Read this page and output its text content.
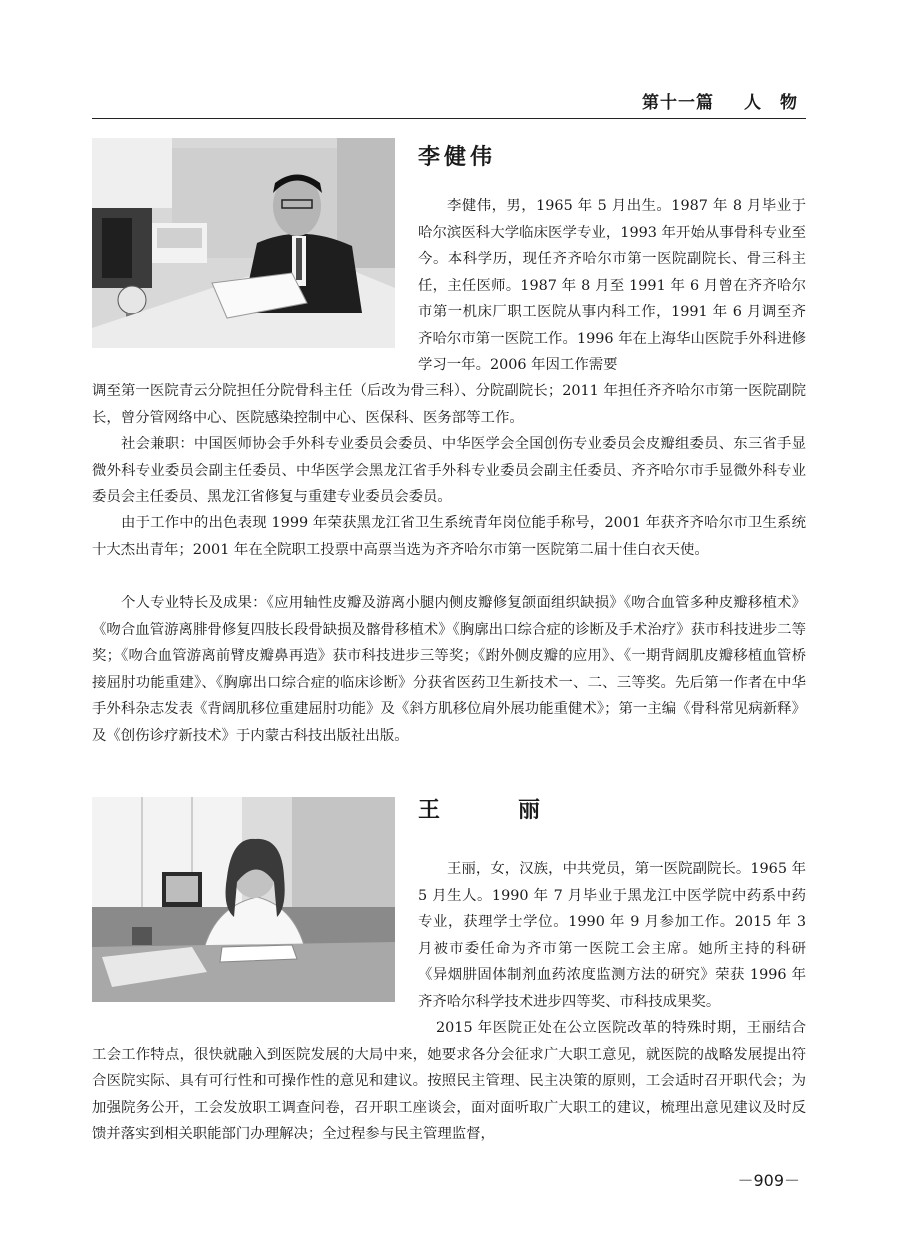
第十一篇 人　物
李健伟

李健伟，男，1965 年 5 月出生。1987 年 8 月毕业于哈尔滨医科大学临床医学专业，1993 年开始从事骨科专业至今。本科学历，现任齐齐哈尔市第一医院副院长、骨三科主任，主任医师。1987 年 8 月至 1991 年 6 月曾在齐齐哈尔市第一机床厂职工医院从事内科工作，1991 年 6 月调至齐齐哈尔市第一医院工作。1996 年在上海华山医院手外科进修学习一年。2006 年因工作需要

调至第一医院青云分院担任分院骨科主任（后改为骨三科）、分院副院长；2011 年担任齐齐哈尔市第一医院副院长，曾分管网络中心、医院感染控制中心、医保科、医务部等工作。

社会兼职：中国医师协会手外科专业委员会委员、中华医学会全国创伤专业委员会皮瓣组委员、东三省手显微外科专业委员会副主任委员、中华医学会黑龙江省手外科专业委员会副主任委员、齐齐哈尔市手显微外科专业委员会主任委员、黑龙江省修复与重建专业委员会委员。

由于工作中的出色表现 1999 年荣获黑龙江省卫生系统青年岗位能手称号，2001 年获齐齐哈尔市卫生系统十大杰出青年；2001 年在全院职工投票中高票当选为齐齐哈尔市第一医院第二届十佳白衣天使。

个人专业特长及成果：《应用轴性皮瓣及游离小腿内侧皮瓣修复颌面组织缺损》《吻合血管多种皮瓣移植术》《吻合血管游离腓骨修复四肢长段骨缺损及髂骨移植术》《胸廓出口综合症的诊断及手术治疗》获市科技进步二等奖；《吻合血管游离前臂皮瓣鼻再造》获市科技进步三等奖；《跗外侧皮瓣的应用》、《一期背阔肌皮瓣移植血管桥接屈肘功能重建》、《胸廓出口综合症的临床诊断》分获省医药卫生新技术一、二、三等奖。先后第一作者在中华手外科杂志发表《背阔肌移位重建屈肘功能》及《斜方肌移位肩外展功能重健术》；第一主编《骨科常见病新释》及《创伤诊疗新技术》于内蒙古科技出版社出版。

王　丽

王丽，女，汉族，中共党员，第一医院副院长。1965 年 5 月生人。1990 年 7 月毕业于黑龙江中医学院中药系中药专业，获理学士学位。1990 年 9 月参加工作。2015 年 3 月被市委任命为齐市第一医院工会主席。她所主持的科研《异烟肼固体制剂血药浓度监测方法的研究》荣获 1996 年齐齐哈尔科学技术进步四等奖、市科技成果奖。

2015 年医院正处在公立医院改革的特殊时期，王丽结合工会工作特点，很快就融入到医院发展的大局中来，她要求各分会征求广大职工意见，就医院的战略发展提出符合医院实际、具有可行性和可操作性的意见和建议。按照民主管理、民主决策的原则，工会适时召开职代会；为加强院务公开，工会发放职工调查问卷，召开职工座谈会，面对面听取广大职工的建议，梳理出意见建议及时反馈并落实到相关职能部门办理解决；全过程参与民主管理监督，

－909－
